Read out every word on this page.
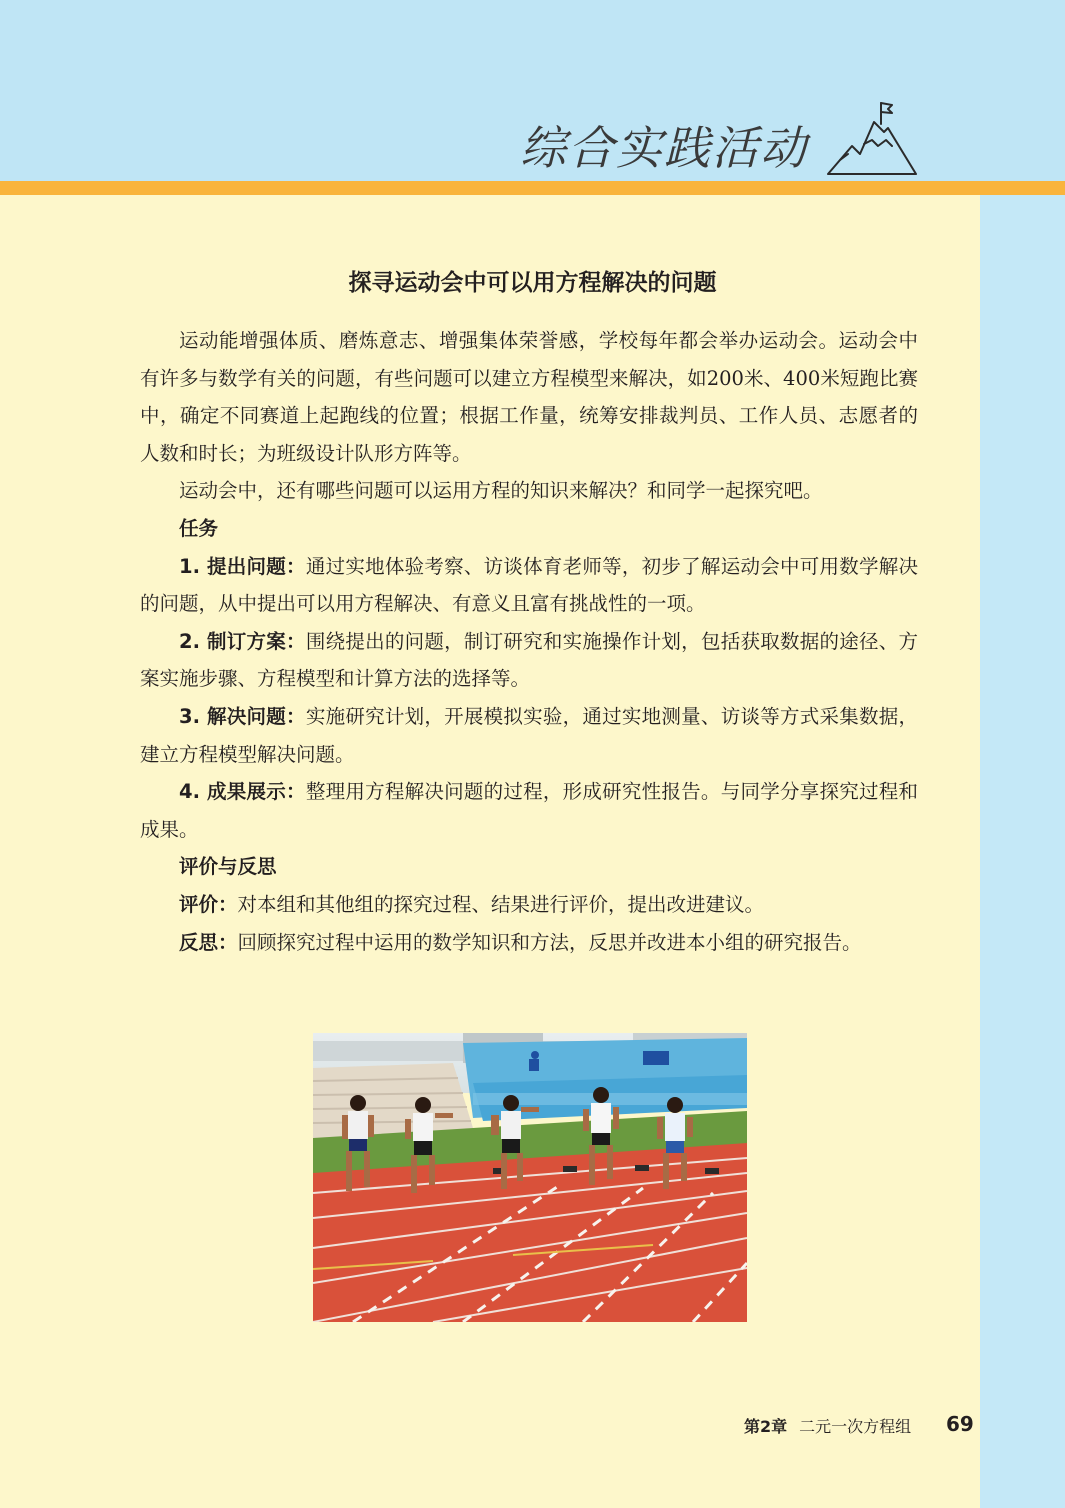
综合实践活动
探寻运动会中可以用方程解决的问题

运动能增强体质、磨炼意志、增强集体荣誉感，学校每年都会举办运动会。运动会中有许多与数学有关的问题，有些问题可以建立方程模型来解决，如200米、400米短跑比赛中，确定不同赛道上起跑线的位置；根据工作量，统筹安排裁判员、工作人员、志愿者的人数和时长；为班级设计队形方阵等。

运动会中，还有哪些问题可以运用方程的知识来解决？和同学一起探究吧。

任务

1. 提出问题：通过实地体验考察、访谈体育老师等，初步了解运动会中可用数学解决的问题，从中提出可以用方程解决、有意义且富有挑战性的一项。

2. 制订方案：围绕提出的问题，制订研究和实施操作计划，包括获取数据的途径、方案实施步骤、方程模型和计算方法的选择等。

3. 解决问题：实施研究计划，开展模拟实验，通过实地测量、访谈等方式采集数据，建立方程模型解决问题。

4. 成果展示：整理用方程解决问题的过程，形成研究性报告。与同学分享探究过程和成果。

评价与反思

评价：对本组和其他组的探究过程、结果进行评价，提出改进建议。

反思：回顾探究过程中运用的数学知识和方法，反思并改进本小组的研究报告。

第2章 二元一次方程组 69
